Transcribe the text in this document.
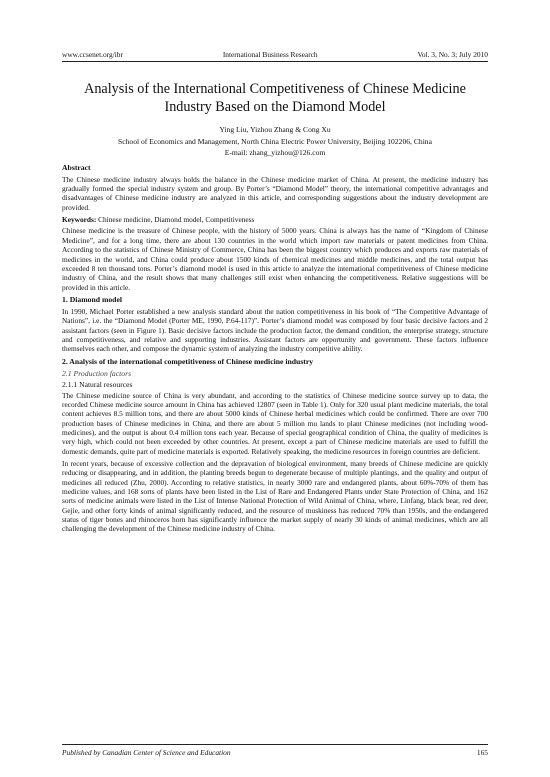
www.ccsenet.org/ibr	International Business Research	Vol. 3, No. 3; July 2010
Analysis of the International Competitiveness of Chinese Medicine Industry Based on the Diamond Model
Ying Liu, Yizhou Zhang & Cong Xu
School of Economics and Management, North China Electric Power University, Beijing 102206, China
E-mail: zhang_yizhou@126.com
Abstract

The Chinese medicine industry always holds the balance in the Chinese medicine market of China. At present, the medicine industry has gradually formed the special industry system and group. By Porter’s “Diamond Model” theory, the international competitive advantages and disadvantages of Chinese medicine industry are analyzed in this article, and corresponding suggestions about the industry development are provided.

Keywords: Chinese medicine, Diamond model, Competitiveness

Chinese medicine is the treasure of Chinese people, with the history of 5000 years. China is always has the name of “Kingdom of Chinese Medicine”, and for a long time, there are about 130 countries in the world which import raw materials or patent medicines from China. According to the statistics of Chinese Ministry of Commerce, China has been the biggest country which produces and exports raw materials of medicines in the world, and China could produce about 1500 kinds of chemical medicines and middle medicines, and the total output has exceeded 8 ten thousand tons. Porter’s diamond model is used in this article to analyze the international competitiveness of Chinese medicine industry of China, and the result shows that many challenges still exist when enhancing the competitiveness. Relative suggestions will be provided in this article.

1. Diamond model

In 1990, Michael Porter established a new analysis standard about the nation competitiveness in his book of “The Competitive Advantage of Nations”, i.e. the “Diamond Model (Porter ME, 1990, P.64-117)”. Porter’s diamond model was composed by four basic decisive factors and 2 assistant factors (seen in Figure 1). Basic decisive factors include the production factor, the demand condition, the enterprise strategy, structure and competitiveness, and relative and supporting industries. Assistant factors are opportunity and government. These factors influence themselves each other, and compose the dynamic system of analyzing the industry competitive ability.

2. Analysis of the international competitiveness of Chinese medicine industry
2.1 Production factors
2.1.1 Natural resources

The Chinese medicine source of China is very abundant, and according to the statistics of Chinese medicine source survey up to data, the recorded Chinese medicine source amount in China has achieved 12807 (seen in Table 1). Only for 320 usual plant medicine materials, the total content achieves 8.5 million tons, and there are about 5000 kinds of Chinese herbal medicines which could be confirmed. There are over 700 production bases of Chinese medicines in China, and there are about 5 million mu lands to plant Chinese medicines (not including wood-medicines), and the output is about 0.4 million tons each year. Because of special geographical condition of China, the quality of medicines is very high, which could not been exceeded by other countries. At present, except a part of Chinese medicine materials are used to fulfill the domestic demands, quite part of medicine materials is exported. Relatively speaking, the medicine resources in foreign countries are deficient.

In recent years, because of excessive collection and the depravation of biological environment, many breeds of Chinese medicine are quickly reducing or disappearing, and in addition, the planting breeds begun to degenerate because of multiple plantings, and the quality and output of medicines all reduced (Zhu, 2000). According to relative statistics, in nearly 3000 rare and endangered plants, about 60%-70% of them has medicine values, and 168 sorts of plants have been listed in the List of Rare and Endangered Plants under State Protection of China, and 162 sorts of medicine animals were listed in the List of Intense National Protection of Wild Animal of China, where, Linfang, black bear, red deer, Gejie, and other forty kinds of animal significantly reduced, and the resource of muskiness has reduced 70% than 1950s, and the endangered status of tiger bones and rhinoceros horn has significantly influence the market supply of nearly 30 kinds of animal medicines, which are all challenging the development of the Chinese medicine industry of China.

Published by Canadian Center of Science and Education	165
